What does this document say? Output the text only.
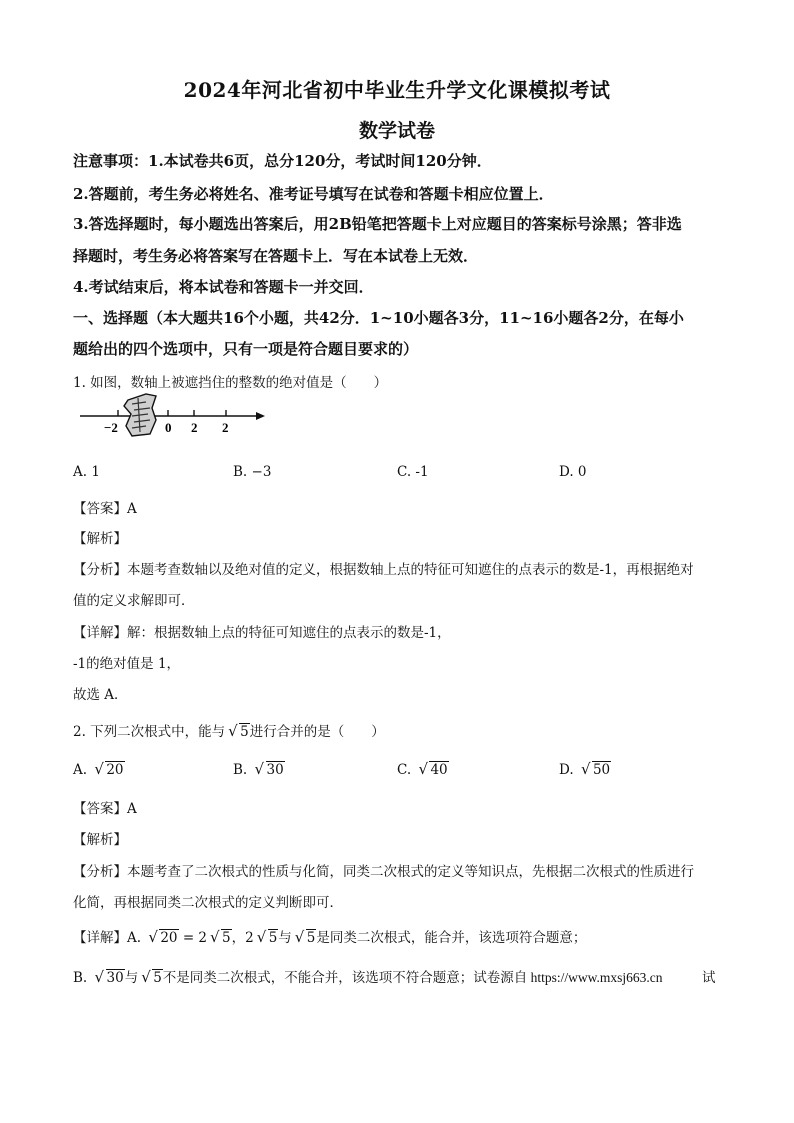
2024年河北省初中毕业生升学文化课模拟考试
数学试卷
注意事项：1.本试卷共6页，总分120分，考试时间120分钟．
2.答题前，考生务必将姓名、准考证号填写在试卷和答题卡相应位置上．
3.答选择题时，每小题选出答案后，用2B铅笔把答题卡上对应题目的答案标号涂黑；答非选
择题时，考生务必将答案写在答题卡上．写在本试卷上无效．
4.考试结束后，将本试卷和答题卡一并交回．
一、选择题（本大题共16个小题，共42分．1~10小题各3分，11~16小题各2分，在每小
题给出的四个选项中，只有一项是符合题目要求的）
1. 如图，数轴上被遮挡住的整数的绝对值是（　　）
−2	0 2 2
A. 1	B. −3	C. -1	D. 0
【答案】A
【解析】
【分析】本题考查数轴以及绝对值的定义，根据数轴上点的特征可知遮住的点表示的数是-1，再根据绝对
值的定义求解即可．
【详解】解：根据数轴上点的特征可知遮住的点表示的数是-1，
-1的绝对值是 1，
故选 A．
2. 下列二次根式中，能与 √ 5进行合并的是（　　）
A. √ 20	B. √ 30	C. √ 40	D. √ 50
【答案】A
【解析】
【分析】本题考查了二次根式的性质与化简，同类二次根式的定义等知识点，先根据二次根式的性质进行
化简，再根据同类二次根式的定义判断即可．
【详解】A. √ 20 = 2 √ 5，2 √ 5与 √ 5是同类二次根式，能合并，该选项符合题意；
B. √ 30与 √ 5不是同类二次根式，不能合并，该选项不符合题意；试卷源自 https://www.mxsj663.cn	试
